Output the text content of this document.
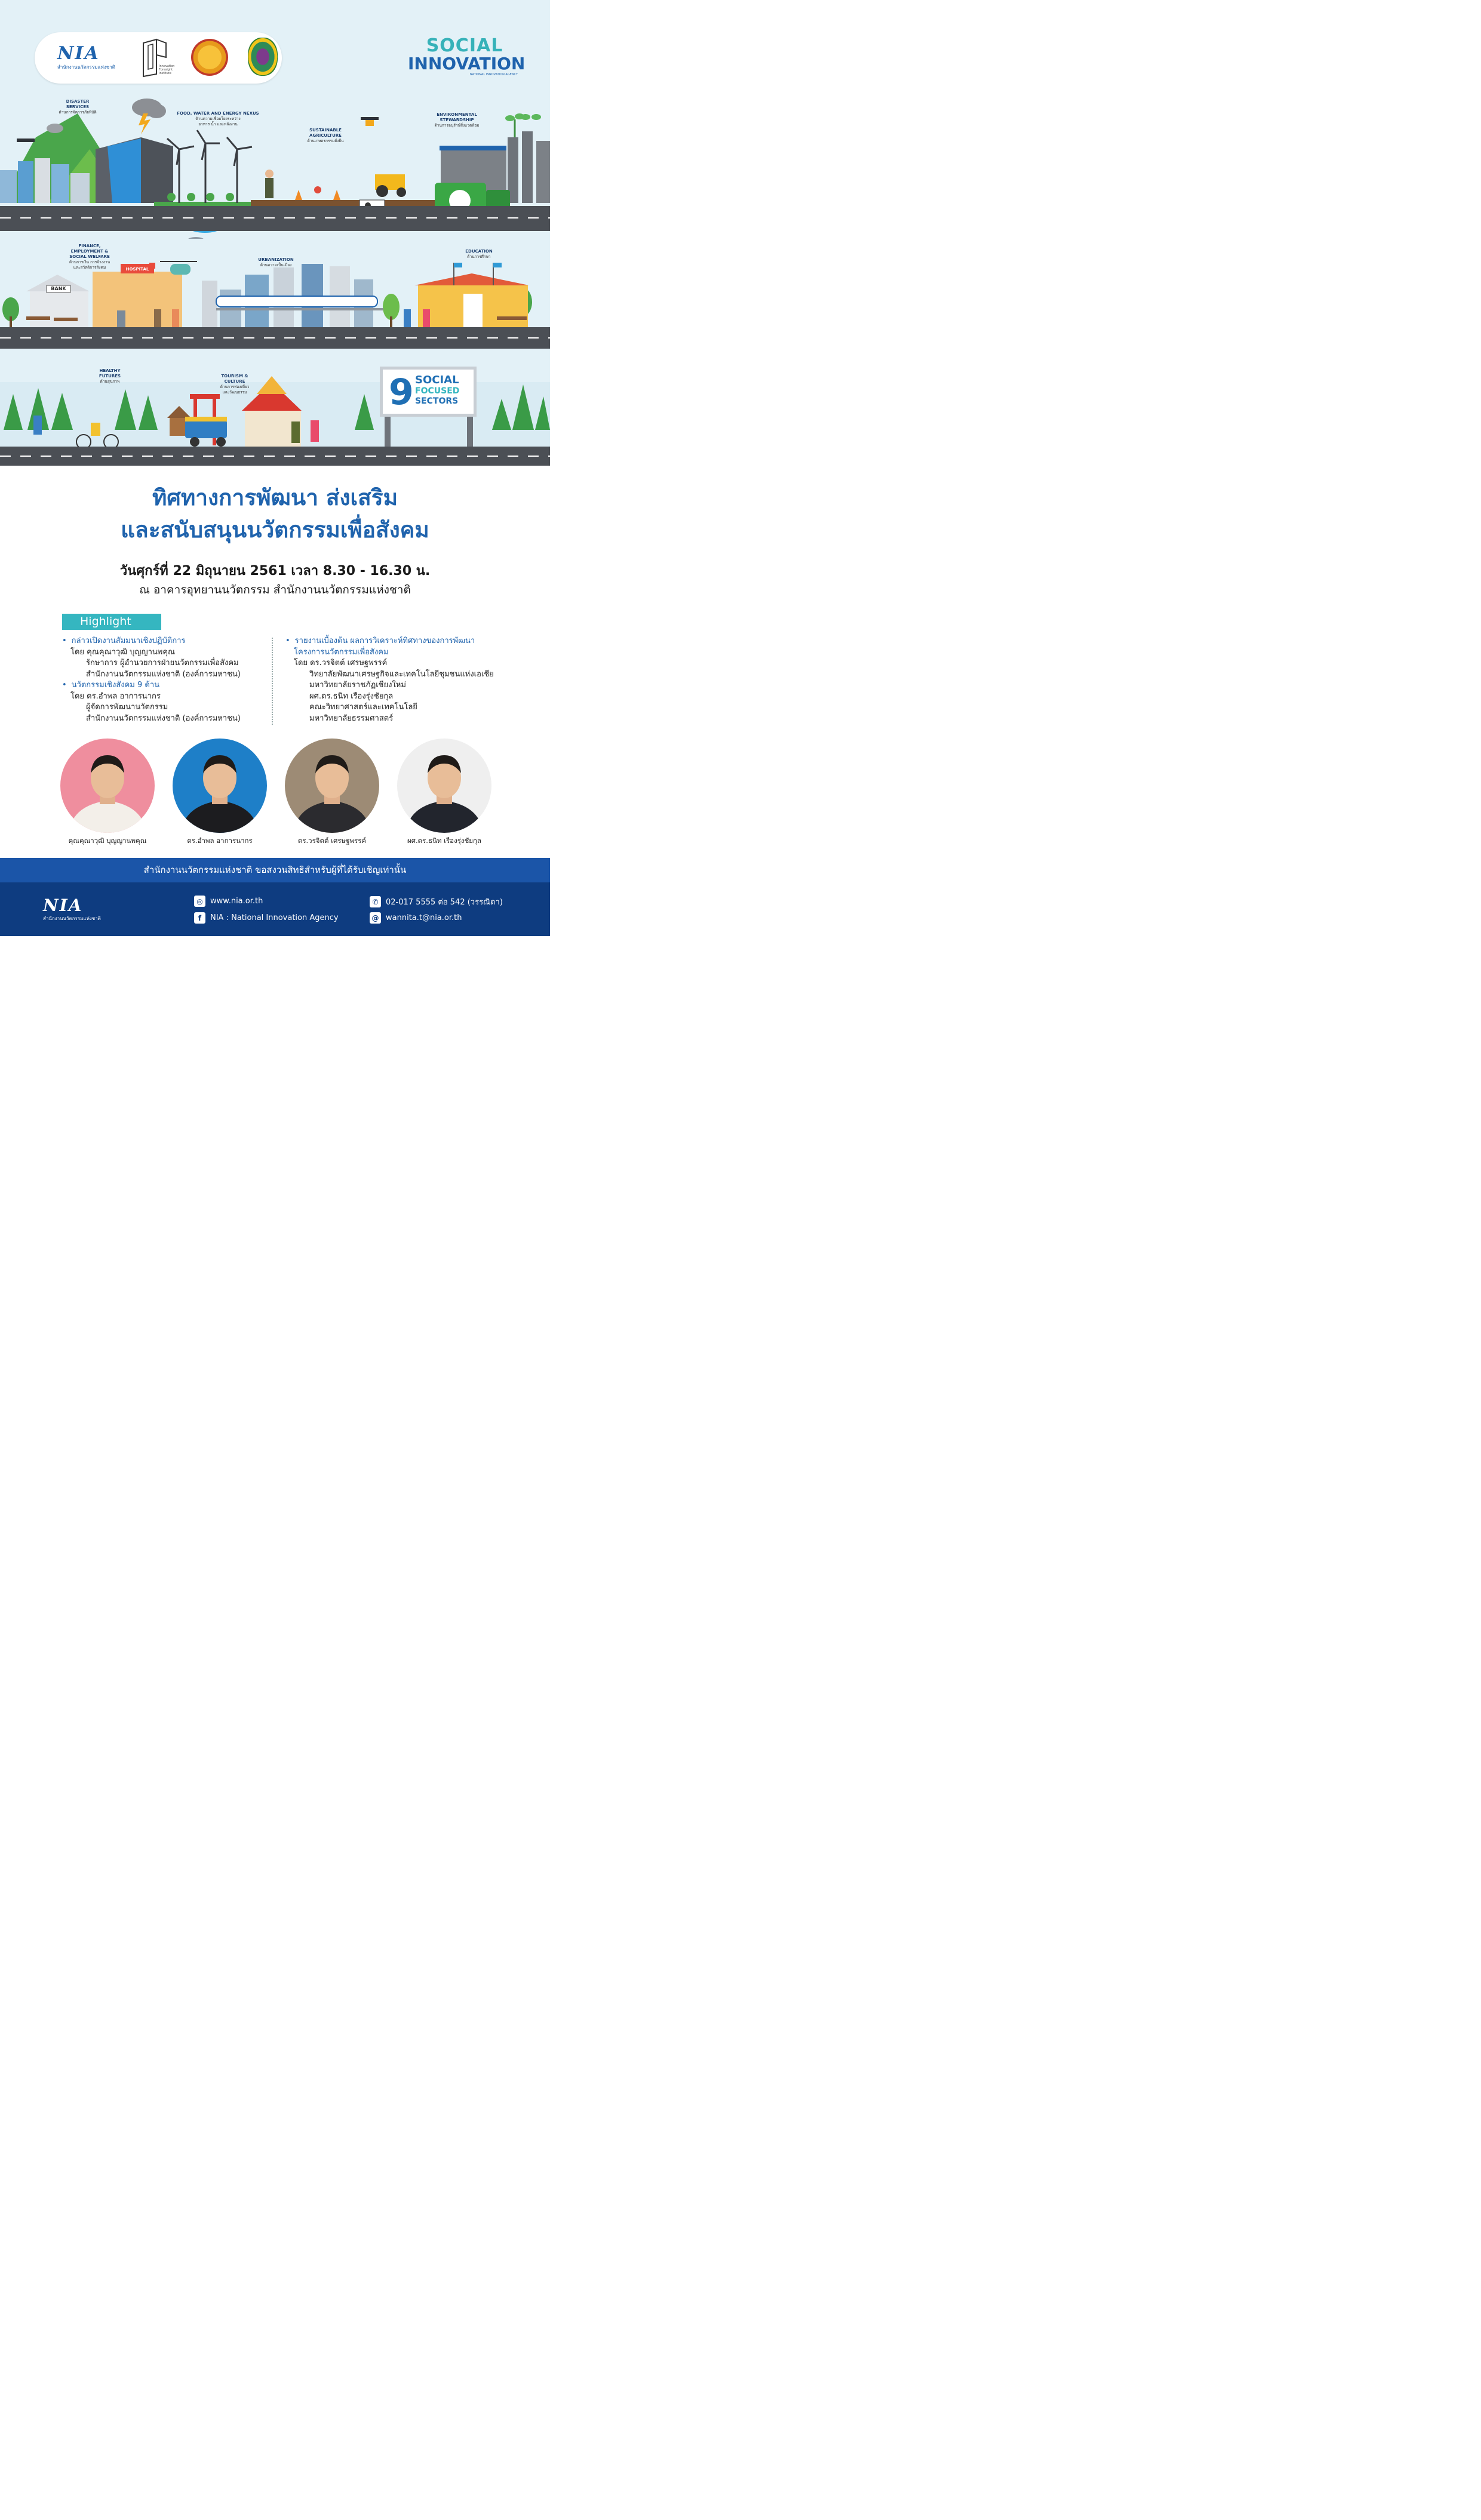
NIA
สำนักงานนวัตกรรมแห่งชาติ	Innovation
Foresight
Institute
SOCIAL
INNOVATION
NATIONAL INNOVATION AGENCY
DISASTER
SERVICES
ด้านการจัดการภัยพิบัติ	FOOD, WATER AND ENERGY NEXUS
ด้านความเชื่อมโยงระหว่าง
อาหาร น้ำ และพลังงาน
SUSTAINABLE
AGRICULTURE
ด้านเกษตรกรรมยั่งยืน
ENVIRONMENTAL
STEWARDSHIP
ด้านการอนุรักษ์สิ่งแวดล้อม
BANK
HOSPITAL
FINANCE,
EMPLOYMENT &
SOCIAL WELFARE
ด้านการเงิน การจ้างงาน
และสวัสดิการสังคม
URBANIZATION
ด้านความเป็นเมือง
EDUCATION
ด้านการศึกษา
9 SOCIAL
FOCUSED
SECTORS
HEALTHY
FUTURES
ด้านสุขภาพ
TOURISM &
CULTURE
ด้านการท่องเที่ยว
และวัฒนธรรม
ทิศทางการพัฒนา ส่งเสริม
และสนับสนุนนวัตกรรมเพื่อสังคม
วันศุกร์ที่ 22 มิถุนายน 2561 เวลา 8.30 - 16.30 น.
ณ อาคารอุทยานนวัตกรรม สำนักงานนวัตกรรมแห่งชาติ
Highlight
• กล่าวเปิดงานสัมมนาเชิงปฏิบัติการ
โดย คุณคุณาวุฒิ บุญญานพคุณ
รักษาการ ผู้อำนวยการฝ่ายนวัตกรรมเพื่อสังคม
สำนักงานนวัตกรรมแห่งชาติ (องค์การมหาชน)
• นวัตกรรมเชิงสังคม 9 ด้าน
โดย ดร.อำพล อาการนากร
ผู้จัดการพัฒนานวัตกรรม
สำนักงานนวัตกรรมแห่งชาติ (องค์การมหาชน)
• รายงานเบื้องต้น ผลการวิเคราะห์ทิศทางของการพัฒนา
โครงการนวัตกรรมเพื่อสังคม
โดย ดร.วรจิตต์ เศรษฐพรรค์
วิทยาลัยพัฒนาเศรษฐกิจและเทคโนโลยีชุมชนแห่งเอเชีย
มหาวิทยาลัยราชภัฏเชียงใหม่
ผศ.ดร.ธนิท เรืองรุ่งชัยกุล
คณะวิทยาศาสตร์และเทคโนโลยี
มหาวิทยาลัยธรรมศาสตร์
คุณคุณาวุฒิ บุญญานพคุณ	ดร.อำพล อาการนากร	ดร.วรจิตต์ เศรษฐพรรค์	ผศ.ดร.ธนิท เรืองรุ่งชัยกุล
สำนักงานนวัตกรรมแห่งชาติ ขอสงวนสิทธิสำหรับผู้ที่ได้รับเชิญเท่านั้น
NIA
สำนักงานนวัตกรรมแห่งชาติ
◎ www.nia.or.th
f	NIA : National Innovation Agency
✆ 02-017 5555 ต่อ 542 (วรรณิดา)
@ wannita.t@nia.or.th
